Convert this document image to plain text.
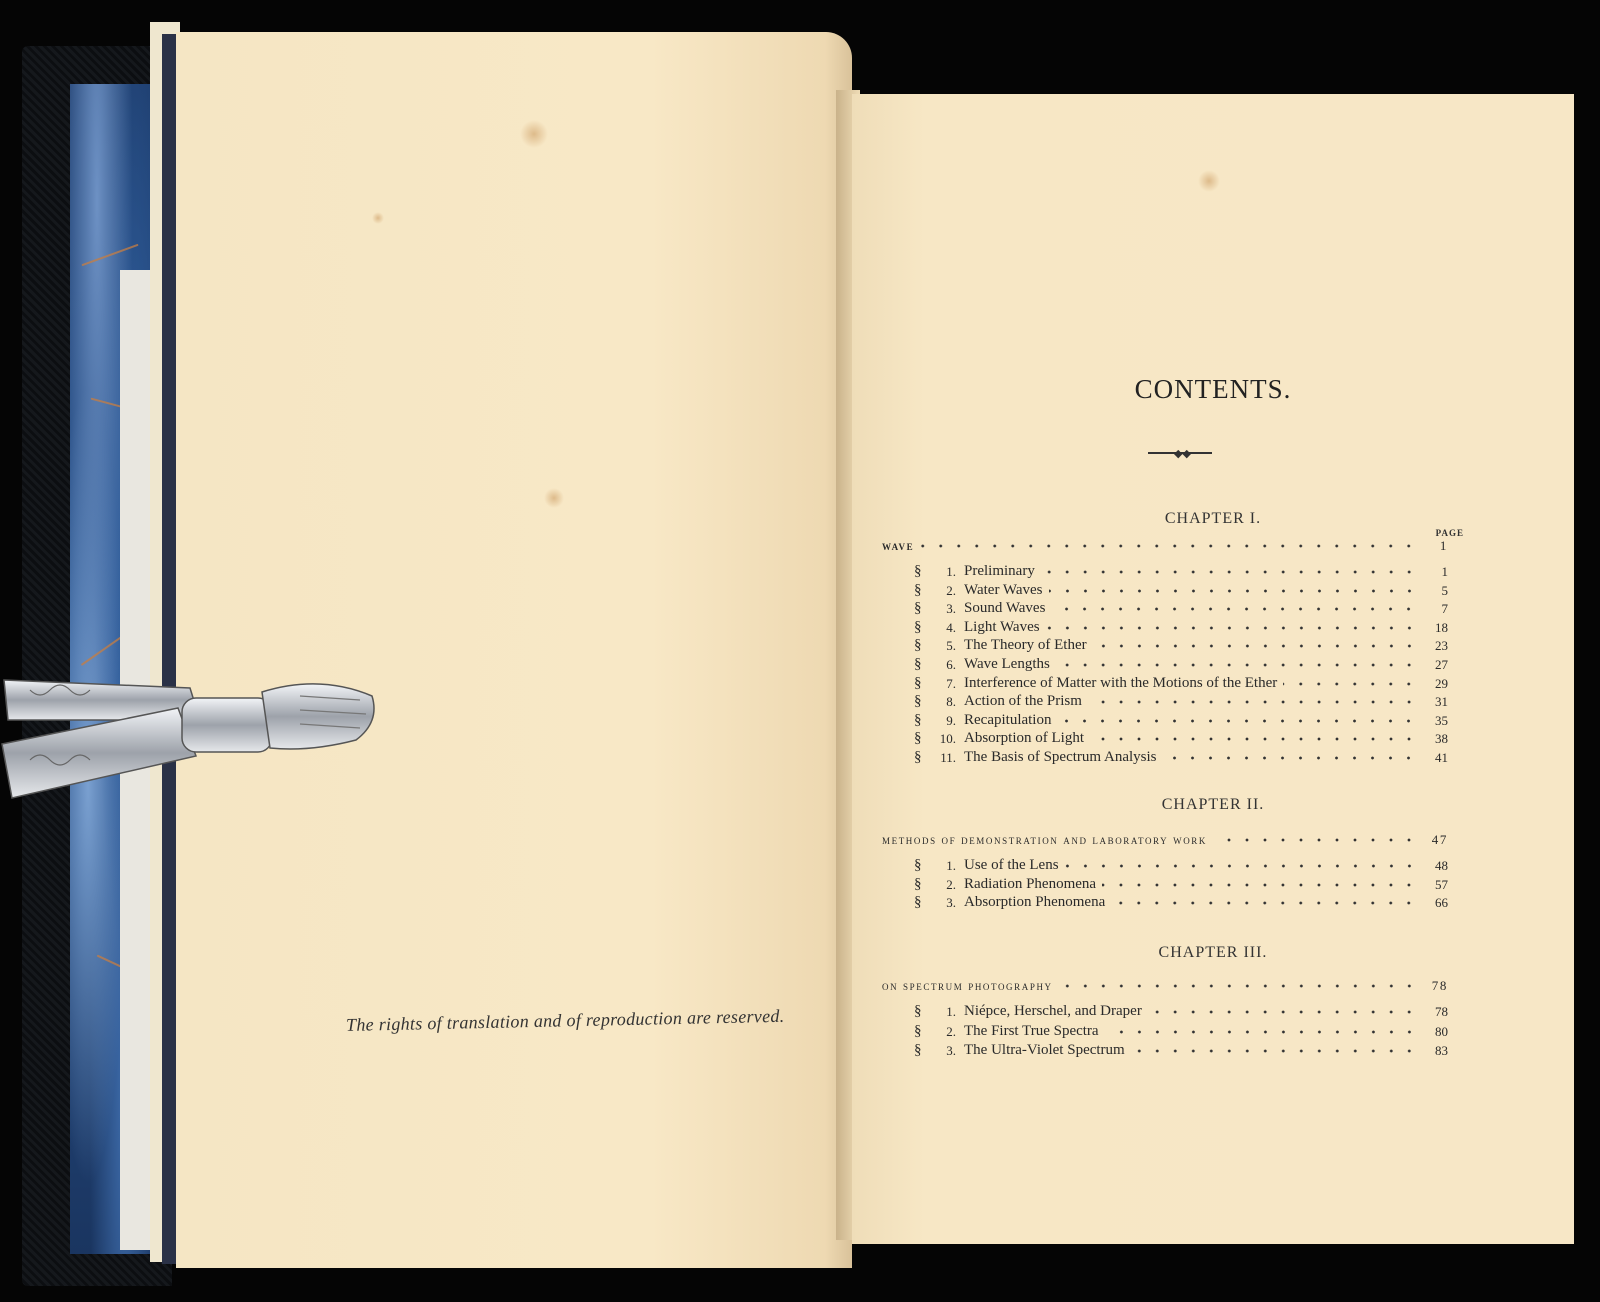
The rights of translation and of reproduction are reserved.
CONTENTS.
◆◆
CHAPTER I.
PAGE
wave	1
§	1. Preliminary	1
§	2. Water Waves	5
§	3. Sound Waves	7
§	4. Light Waves	18
§	5. The Theory of Ether	23
§	6. Wave Lengths	27
§	7. Interference of Matter with the Motions of the Ether	29
§	8. Action of the Prism	31
§	9. Recapitulation	35
§	10. Absorption of Light	38
§	11. The Basis of Spectrum Analysis	41
CHAPTER II.
methods of demonstration and laboratory work	47
§	1. Use of the Lens	48
§	2. Radiation Phenomena	57
§	3. Absorption Phenomena	66
CHAPTER III.
on spectrum photography	78
§	1. Niépce, Herschel, and Draper	78
§	2. The First True Spectra	80
§	3. The Ultra-Violet Spectrum	83
